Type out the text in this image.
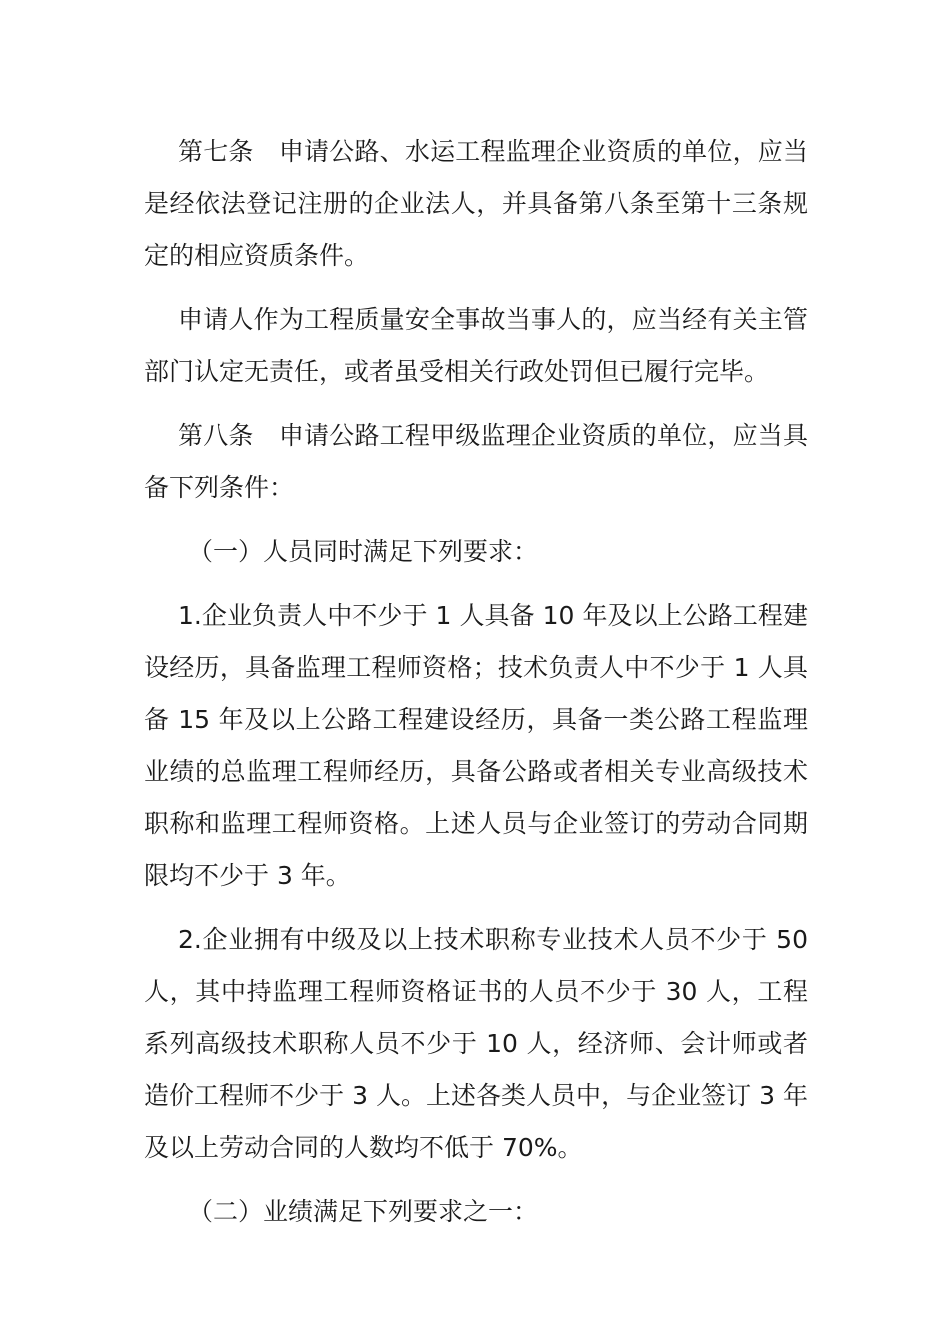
第七条　申请公路、水运工程监理企业资质的单位，应当是经依法登记注册的企业法人，并具备第八条至第十三条规定的相应资质条件。

申请人作为工程质量安全事故当事人的，应当经有关主管部门认定无责任，或者虽受相关行政处罚但已履行完毕。

第八条　申请公路工程甲级监理企业资质的单位，应当具备下列条件：

（一）人员同时满足下列要求：

1.企业负责人中不少于 1 人具备 10 年及以上公路工程建设经历，具备监理工程师资格；技术负责人中不少于 1 人具备 15 年及以上公路工程建设经历，具备一类公路工程监理业绩的总监理工程师经历，具备公路或者相关专业高级技术职称和监理工程师资格。上述人员与企业签订的劳动合同期限均不少于 3 年。

2.企业拥有中级及以上技术职称专业技术人员不少于 50 人，其中持监理工程师资格证书的人员不少于 30 人，工程系列高级技术职称人员不少于 10 人，经济师、会计师或者造价工程师不少于 3 人。上述各类人员中，与企业签订 3 年及以上劳动合同的人数均不低于 70%。

（二）业绩满足下列要求之一：
